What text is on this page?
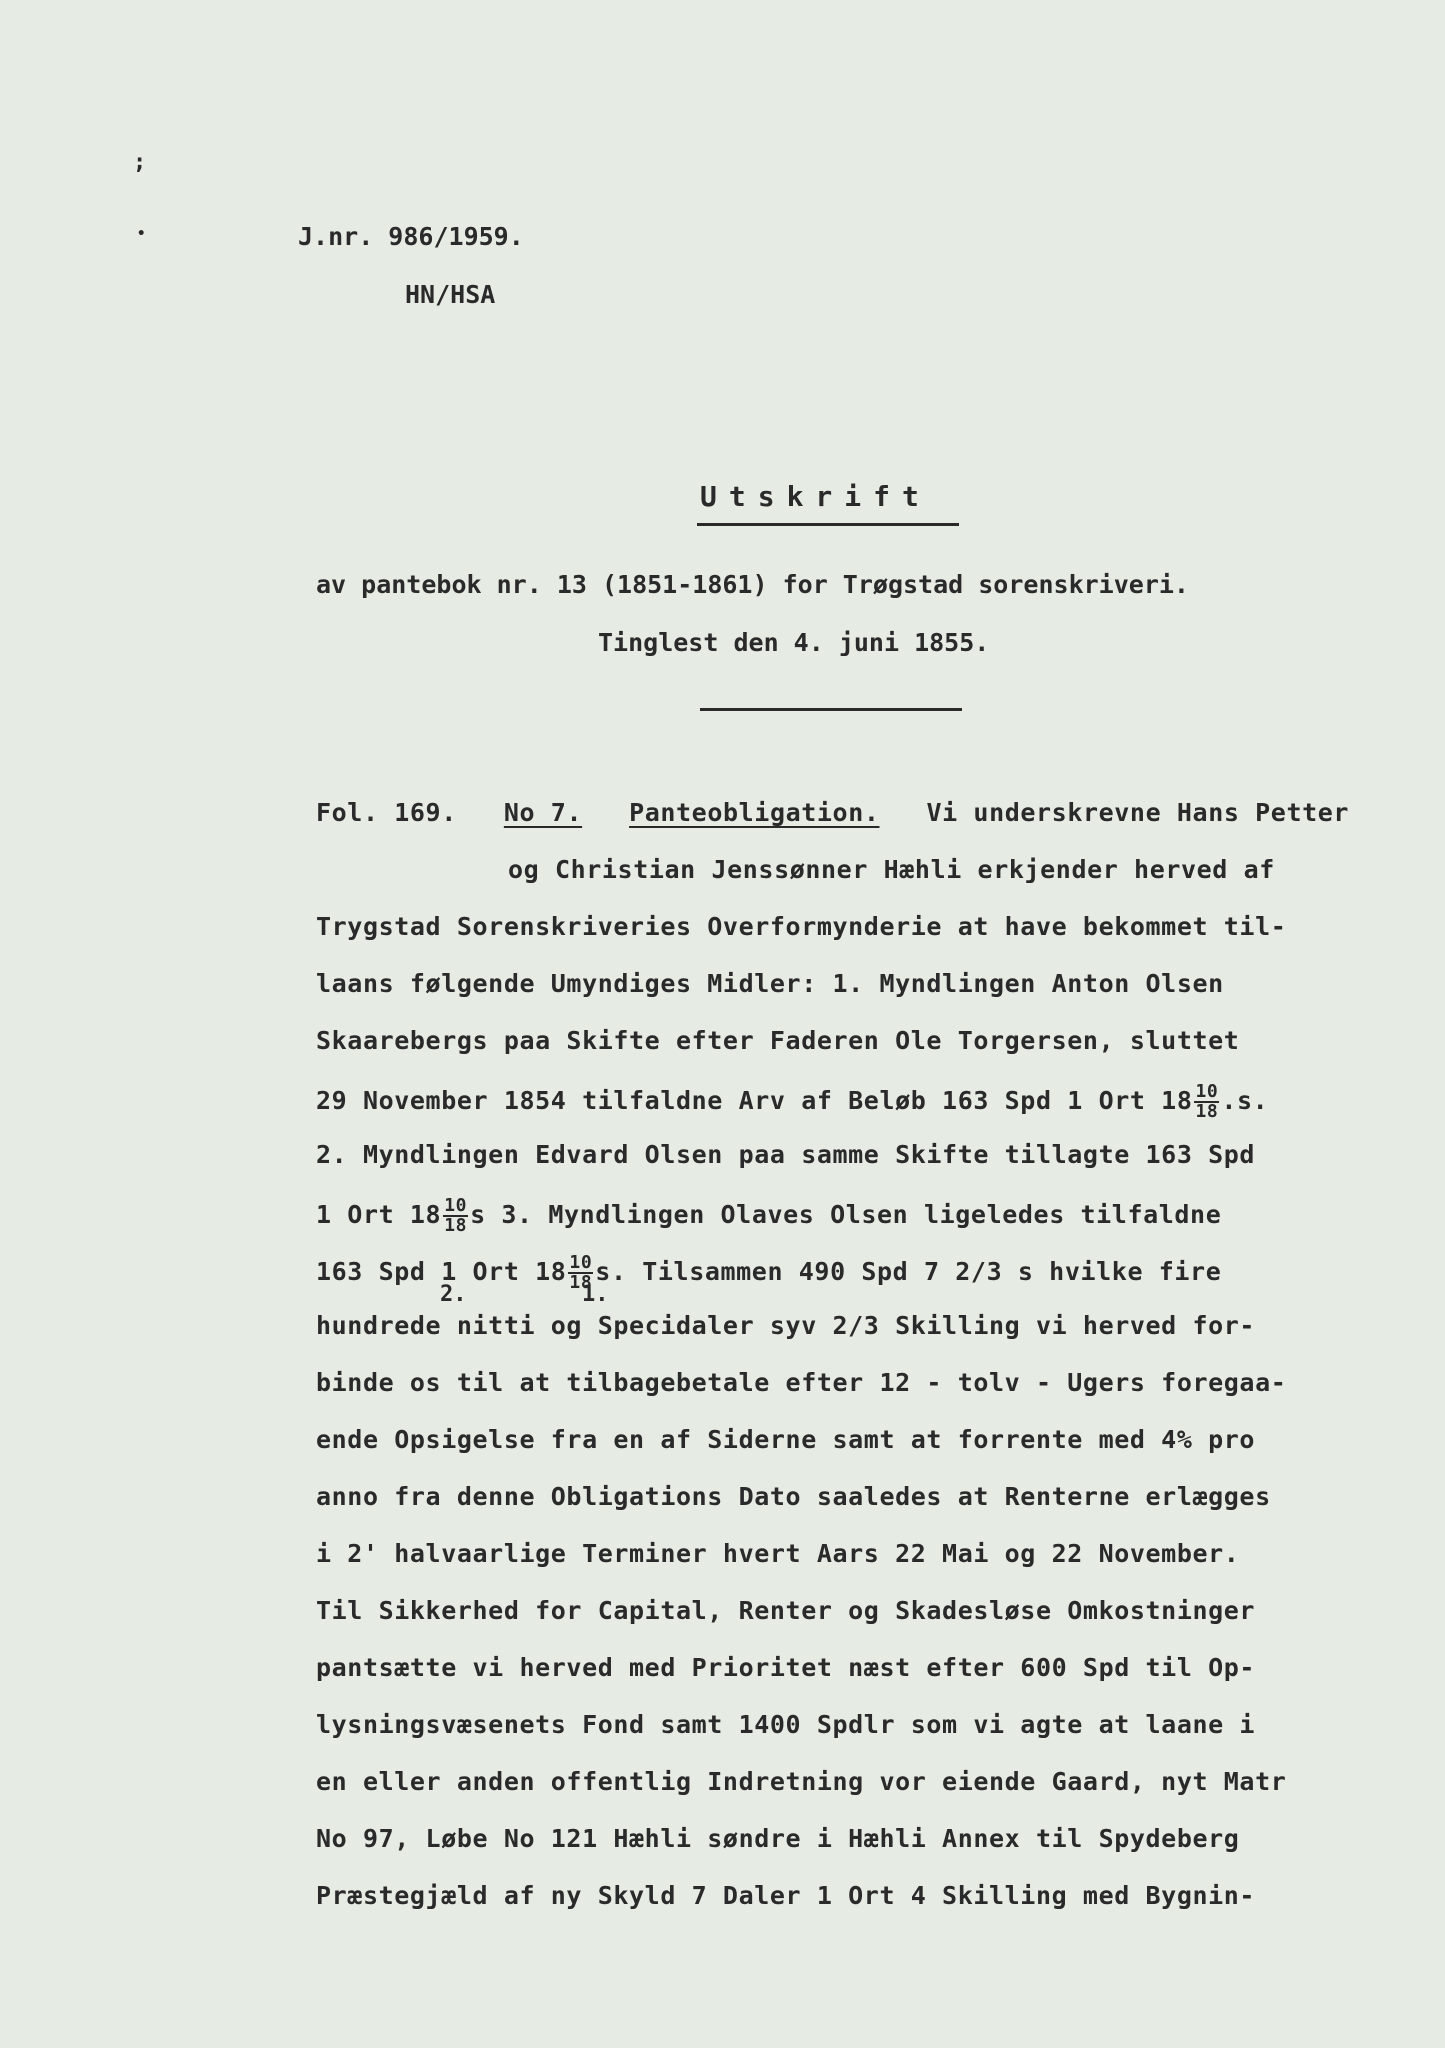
;
•	J.nr. 986/1959.
HN/HSA
Utskrift
av pantebok nr. 13 (1851-1861) for Trøgstad sorenskriveri.
Tinglest den 4. juni 1855.
Fol. 169. No 7. Panteobligation. Vi underskrevne Hans Petter
og Christian Jenssønner Hæhli erkjender herved af
Trygstad Sorenskriveries Overformynderie at have bekommet til-
laans følgende Umyndiges Midler: 1. Myndlingen Anton Olsen
Skaarebergs paa Skifte efter Faderen Ole Torgersen, sluttet
29 November 1854 tilfaldne Arv af Beløb 163 Spd 1 Ort $18 \frac{10}{18} .s$.
2. Myndlingen Edvard Olsen paa samme Skifte tillagte 163 Spd
1 Ort $18 \frac{10}{18}$ s 3. Myndlingen Olaves Olsen ligeledes tilfaldne
163 Spd 1 Ort $18 \frac{10}{18} s$. Tilsammen 490 Spd 7 2/3 s hvilke fire
2.	1.
hundrede nitti og Specidaler syv 2/3 Skilling vi herved for-
binde os til at tilbagebetale efter 12 - tolv - Ugers foregaa-
ende Opsigelse fra en af Siderne samt at forrente med 4% pro
anno fra denne Obligations Dato saaledes at Renterne erlægges
i 2' halvaarlige Terminer hvert Aars 22 Mai og 22 November.
Til Sikkerhed for Capital, Renter og Skadesløse Omkostninger
pantsætte vi herved med Prioritet næst efter 600 Spd til Op-
lysningsvæsenets Fond samt 1400 Spdlr som vi agte at laane i
en eller anden offentlig Indretning vor eiende Gaard, nyt Matr
No 97, Løbe No 121 Hæhli søndre i Hæhli Annex til Spydeberg
Præstegjæld af ny Skyld 7 Daler 1 Ort 4 Skilling med Bygnin-
